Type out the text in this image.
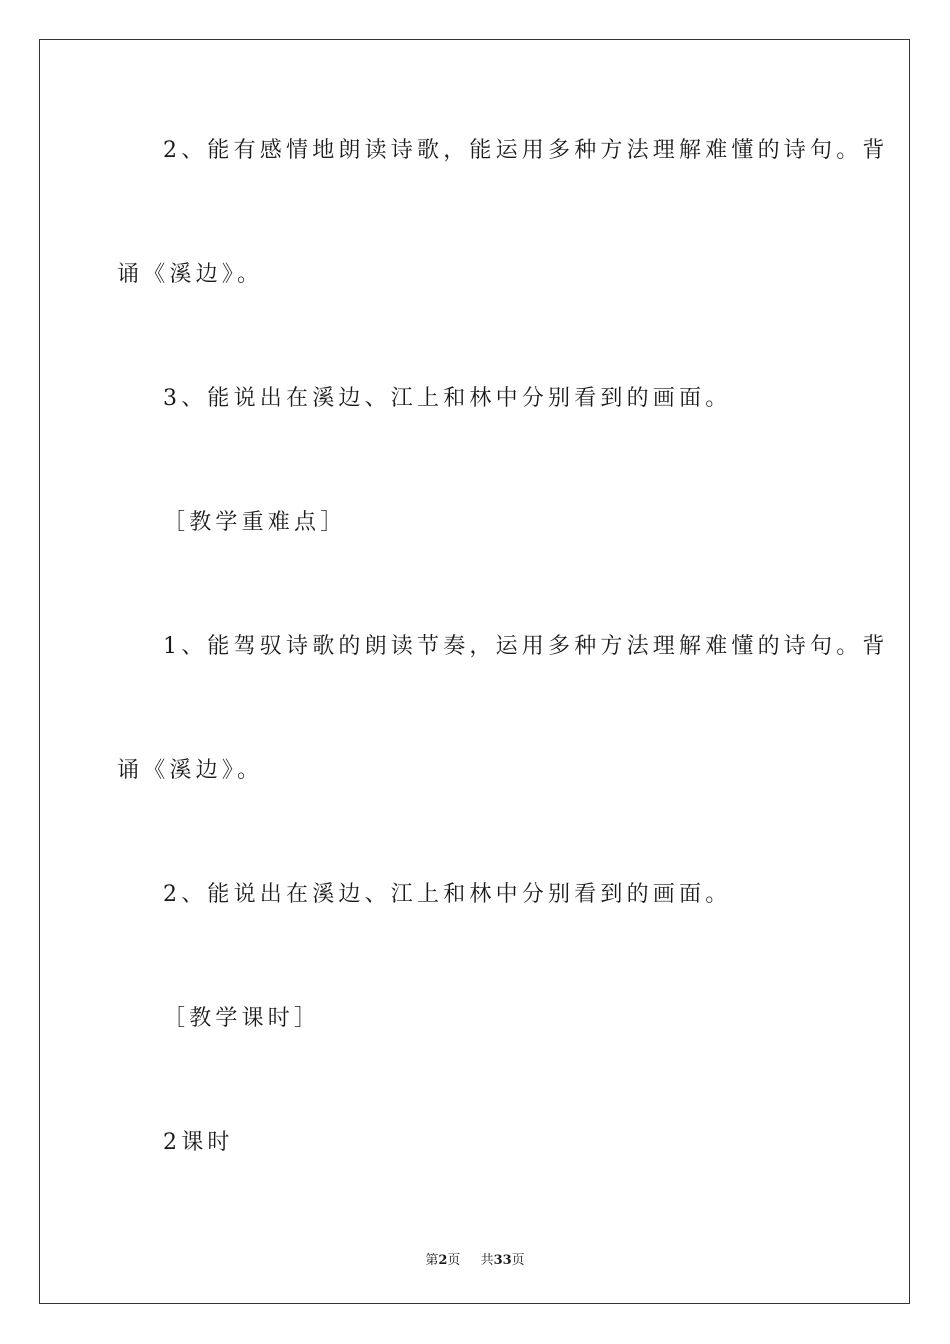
2、能有感情地朗读诗歌，能运用多种方法理解难懂的诗句。背
诵《溪边》。
3、能说出在溪边、江上和林中分别看到的画面。
［教学重难点］
1、能驾驭诗歌的朗读节奏，运用多种方法理解难懂的诗句。背
诵《溪边》。
2、能说出在溪边、江上和林中分别看到的画面。
［教学课时］
2课时
第2页 共33页
